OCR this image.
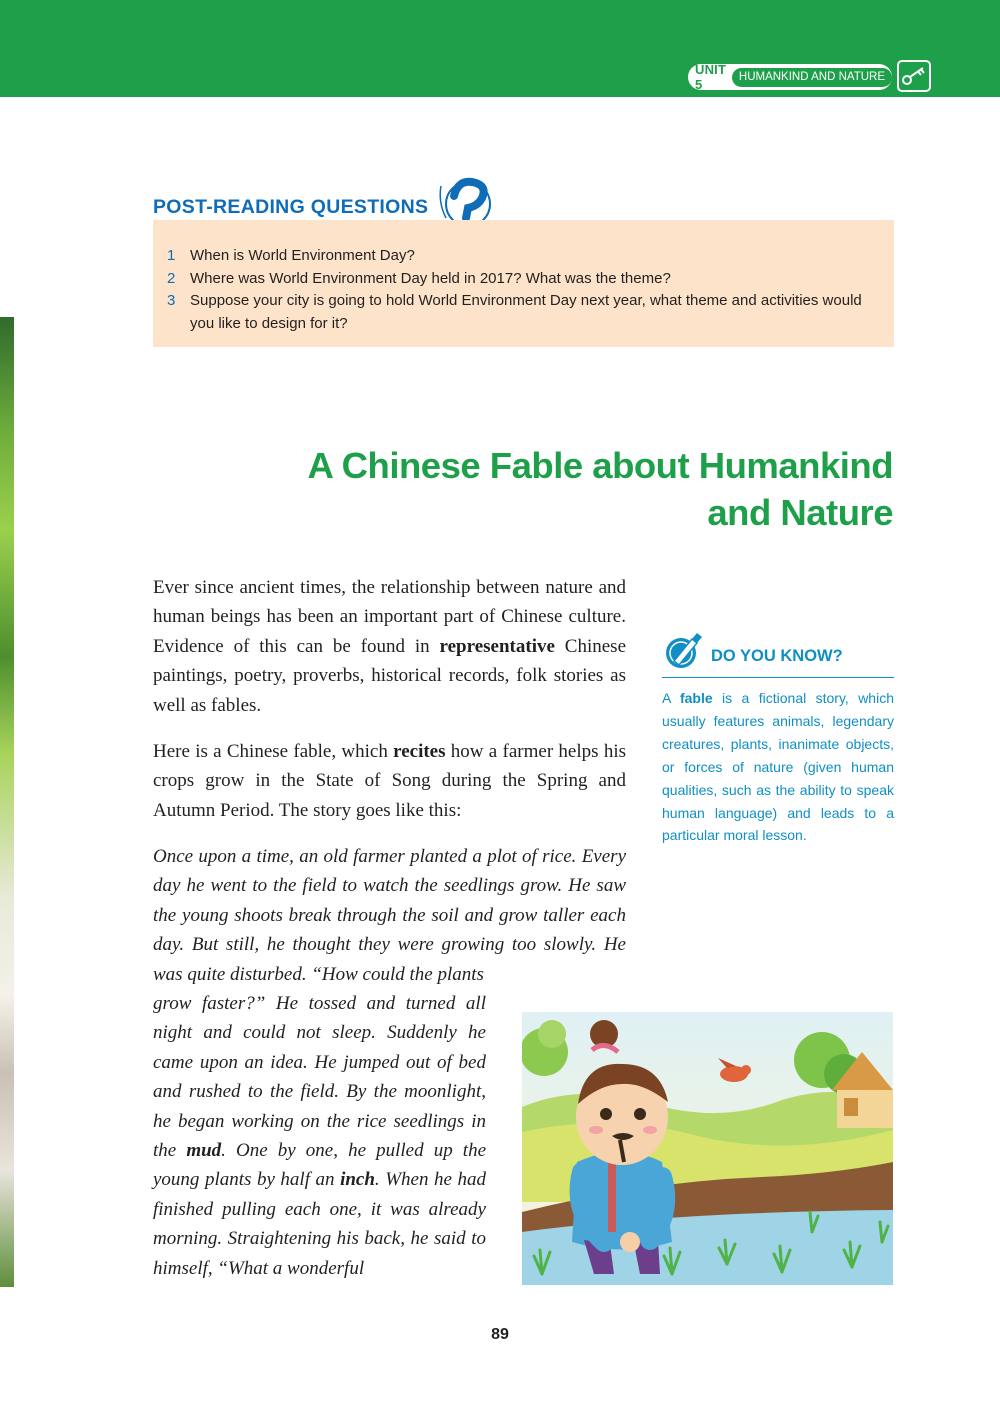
UNIT 5
HUMANKIND AND NATURE
POST-READING QUESTIONS
1 When is World Environment Day?
2 Where was World Environment Day held in 2017? What was the theme?
3 Suppose your city is going to hold World Environment Day next year, what theme and activities would you like to design for it?
A Chinese Fable about Humankind
and Nature

Ever since ancient times, the relationship between nature and human beings has been an important part of Chinese culture. Evidence of this can be found in representative Chinese paintings, poetry, proverbs, historical records, folk stories as well as fables.

Here is a Chinese fable, which recites how a farmer helps his crops grow in the State of Song during the Spring and Autumn Period. The story goes like this:

Once upon a time, an old farmer planted a plot of rice. Every day he went to the field to watch the seedlings grow. He saw the young shoots break through the soil and grow taller each day. But still, he thought they were growing too slowly. He was quite disturbed. “How could the plants

grow faster?” He tossed and turned all night and could not sleep. Suddenly he came upon an idea. He jumped out of bed and rushed to the field. By the moonlight, he began working on the rice seedlings in the mud. One by one, he pulled up the young plants by half an inch. When he had finished pulling each one, it was already morning. Straightening his back, he said to himself, “What a wonderful

DO YOU KNOW?

A fable is a fictional story, which usually features animals, legendary creatures, plants, inanimate objects, or forces of nature (given human qualities, such as the ability to speak human language) and leads to a particular moral lesson.

89
